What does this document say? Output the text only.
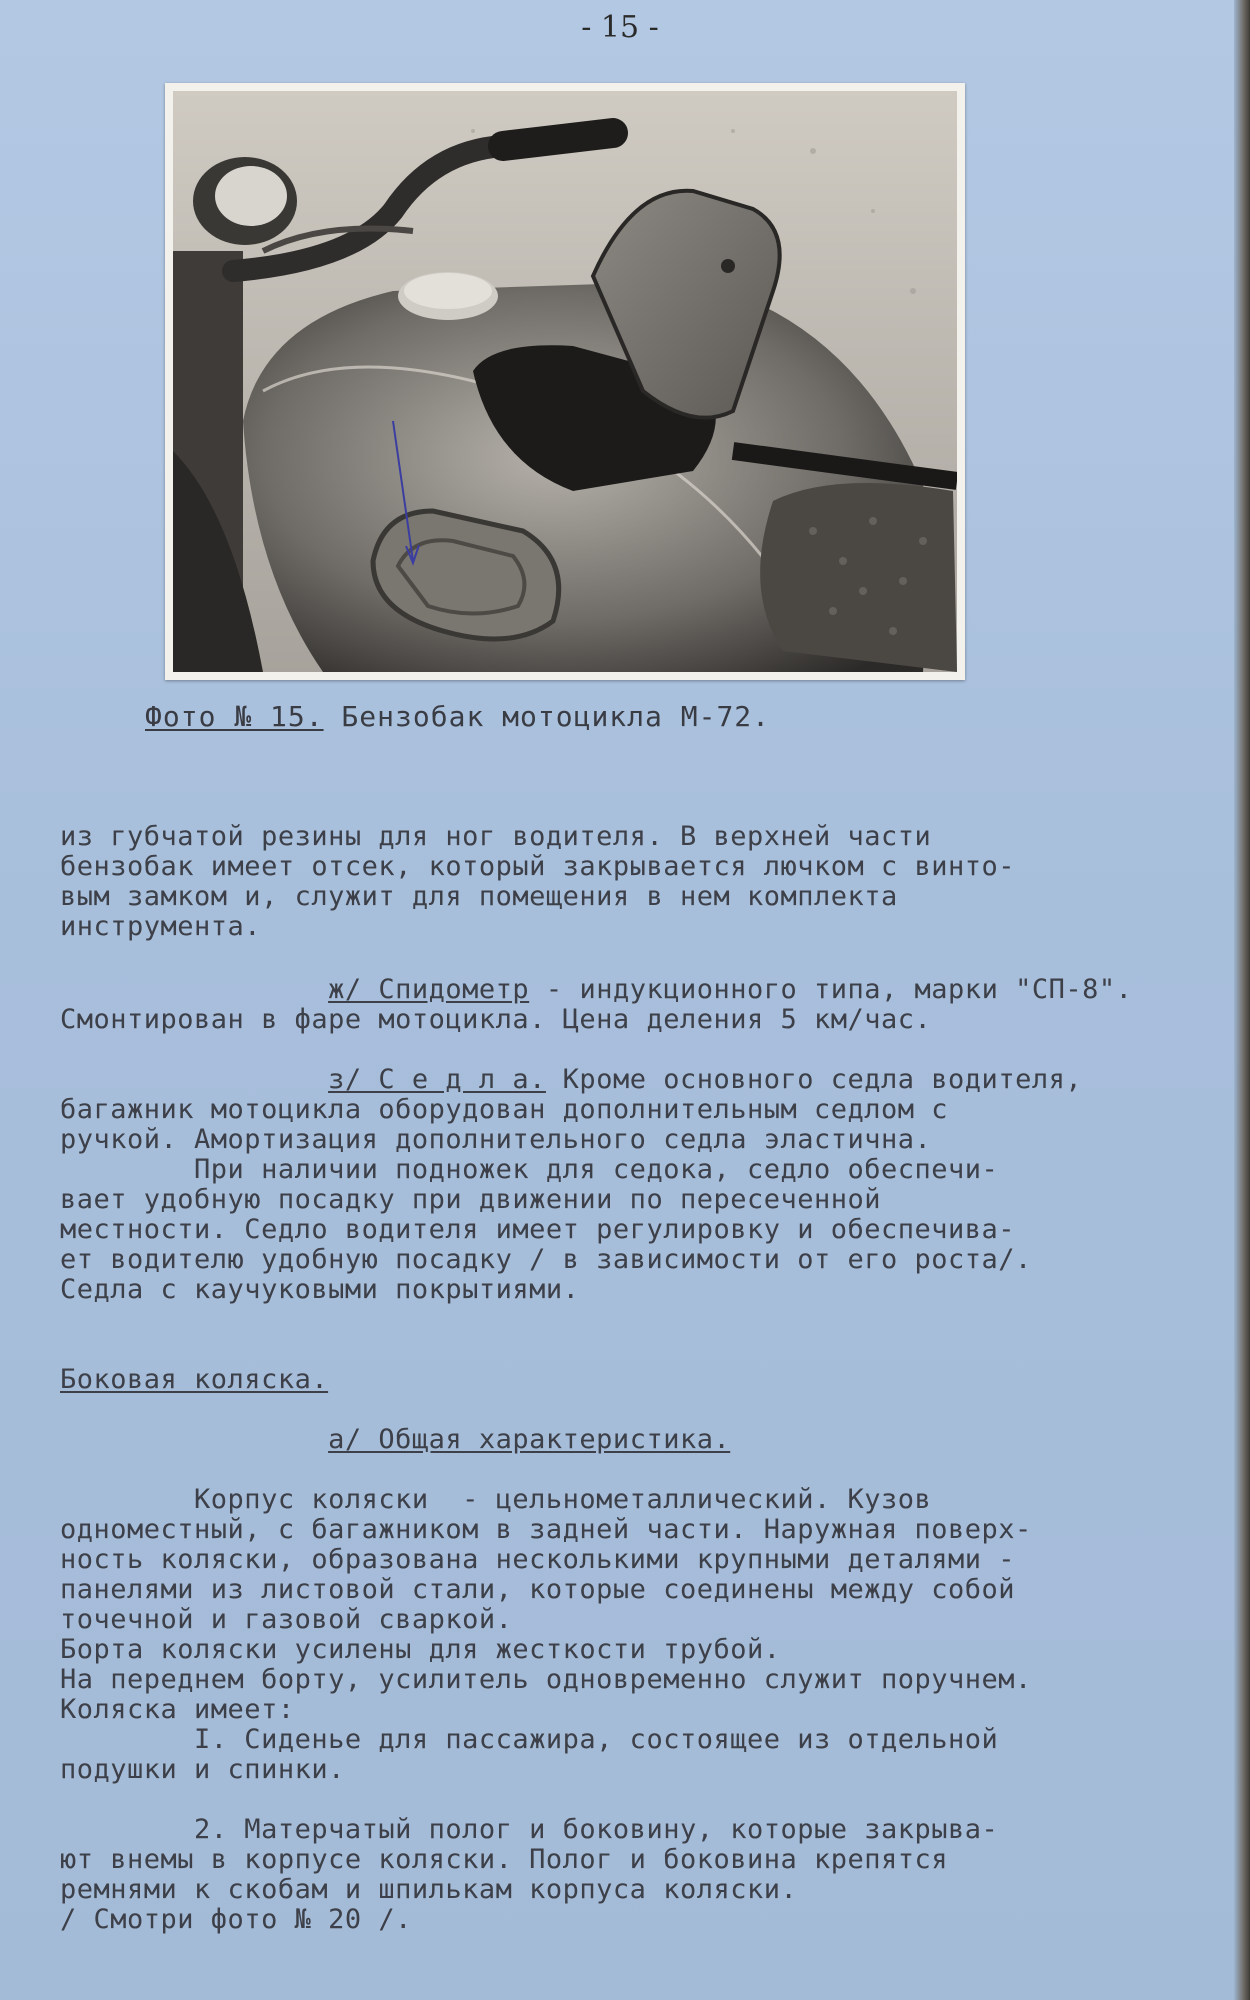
- 15 -
Фото № 15. Бензобак мотоцикла М-72.
из губчатой резины для ног водителя. В верхней части
бензобак имеет отсек, который закрывается лючком с винто-
вым замком и, служит для помещения в нем комплекта
инструмента.
ж/ Спидометр - индукционного типа, марки "СП-8".
Смонтирован в фаре мотоцикла. Цена деления 5 км/час.
з/ С е д л а. Кроме основного седла водителя,
багажник мотоцикла оборудован дополнительным седлом с
ручкой. Амортизация дополнительного седла эластична.
При наличии подножек для седока, седло обеспечи-
вает удобную посадку при движении по пересеченной
местности. Седло водителя имеет регулировку и обеспечива-
ет водителю удобную посадку / в зависимости от его роста/.
Седла с каучуковыми покрытиями.
Боковая коляска.
а/ Общая характеристика.
Корпус коляски  - цельнометаллический. Кузов
одноместный, с багажником в задней части. Наружная поверх-
ность коляски, образована несколькими крупными деталями -
панелями из листовой стали, которые соединены между собой
точечной и газовой сваркой.
Борта коляски усилены для жесткости трубой.
На переднем борту, усилитель одновременно служит поручнем.
Коляска имеет:
I. Сиденье для пассажира, состоящее из отдельной
подушки и спинки.
2. Матерчатый полог и боковину, которые закрыва-
ют внемы в корпусе коляски. Полог и боковина крепятся
ремнями к скобам и шпилькам корпуса коляски.
/ Смотри фото № 20 /.
